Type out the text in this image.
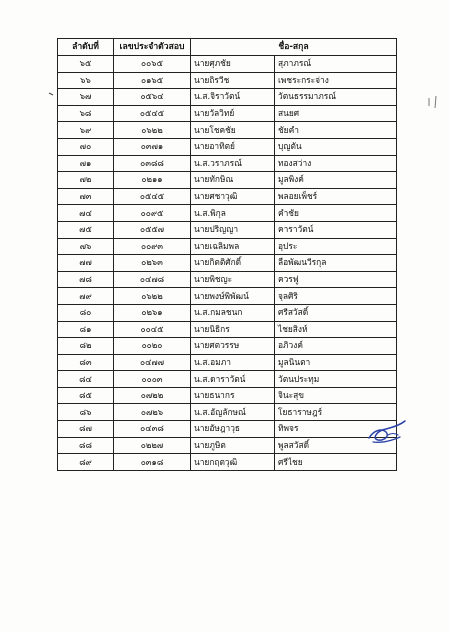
ลำดับที่	เลขประจำตัวสอบ	ชื่อ-สกุล	
๖๕	๐๐๖๕	นายศุภชัย	สุภาภรณ์
๖๖	๐๑๖๕	นายถิรวีช	เพชระกระจ่าง
๖๗	๐๕๖๔	น.ส.จิราวัตน์	วัตนธรรมาภรณ์
๖๘	๐๕๔๕	นายวัลวิทย์	สนยศ
๖๙	๐๖๒๒	นายโชคชัย	ชัยคำ
๗๐	๐๓๗๑	นายอาทิตย์	บุญตัน
๗๑	๐๓๘๘	น.ส.วราภรณ์	ทองสว่าง
๗๒	๐๒๑๑	นายทักษิณ	มูลพิงค์
๗๓	๐๕๔๕	นายศชาวุฒิ	พลอยเพ็ชร์
๗๔	๐๐๙๕	น.ส.พิกุล	คำชัย
๗๕	๐๕๕๗	นายปริญญา	คาราวัตน์
๗๖	๐๐๙๓	นายเฉลิมพล	อุประ
๗๗	๐๒๖๓	นายกิตติศักดิ์	ลือพัฒนวีรกุล
๗๘	๐๔๗๘	นายพิชญะ	ควรฟู
๗๙	๐๖๒๒	นายพงษ์พิพัฒน์	จุลศิริ
๘๐	๐๒๖๑	น.ส.กมลชนก	ศรีสวัสดิ์
๘๑	๐๐๔๕	นายนิธิกร	ไชยสิงห์
๘๒	๐๐๒๐	นายศตวรรษ	อภิวงค์
๘๓	๐๔๗๗	น.ส.อมภา	มูลนินตา
๘๔	๐๐๐๓	น.ส.ดาราวัตน์	วัตนประทุม
๘๕	๐๗๒๒	นายธนากร	จินะสุข
๘๖	๐๗๒๖	น.ส.อัญลักษณ์	โยธาราษฎร์
๘๗	๐๔๓๘	นายอัษฎาวุธ	ทิพจร
๘๘	๐๒๒๗	นายภูษิต	พูลสวัสดิ์
๘๙	๐๓๑๘	นายกฤตวุฒิ	ศรีไชย
